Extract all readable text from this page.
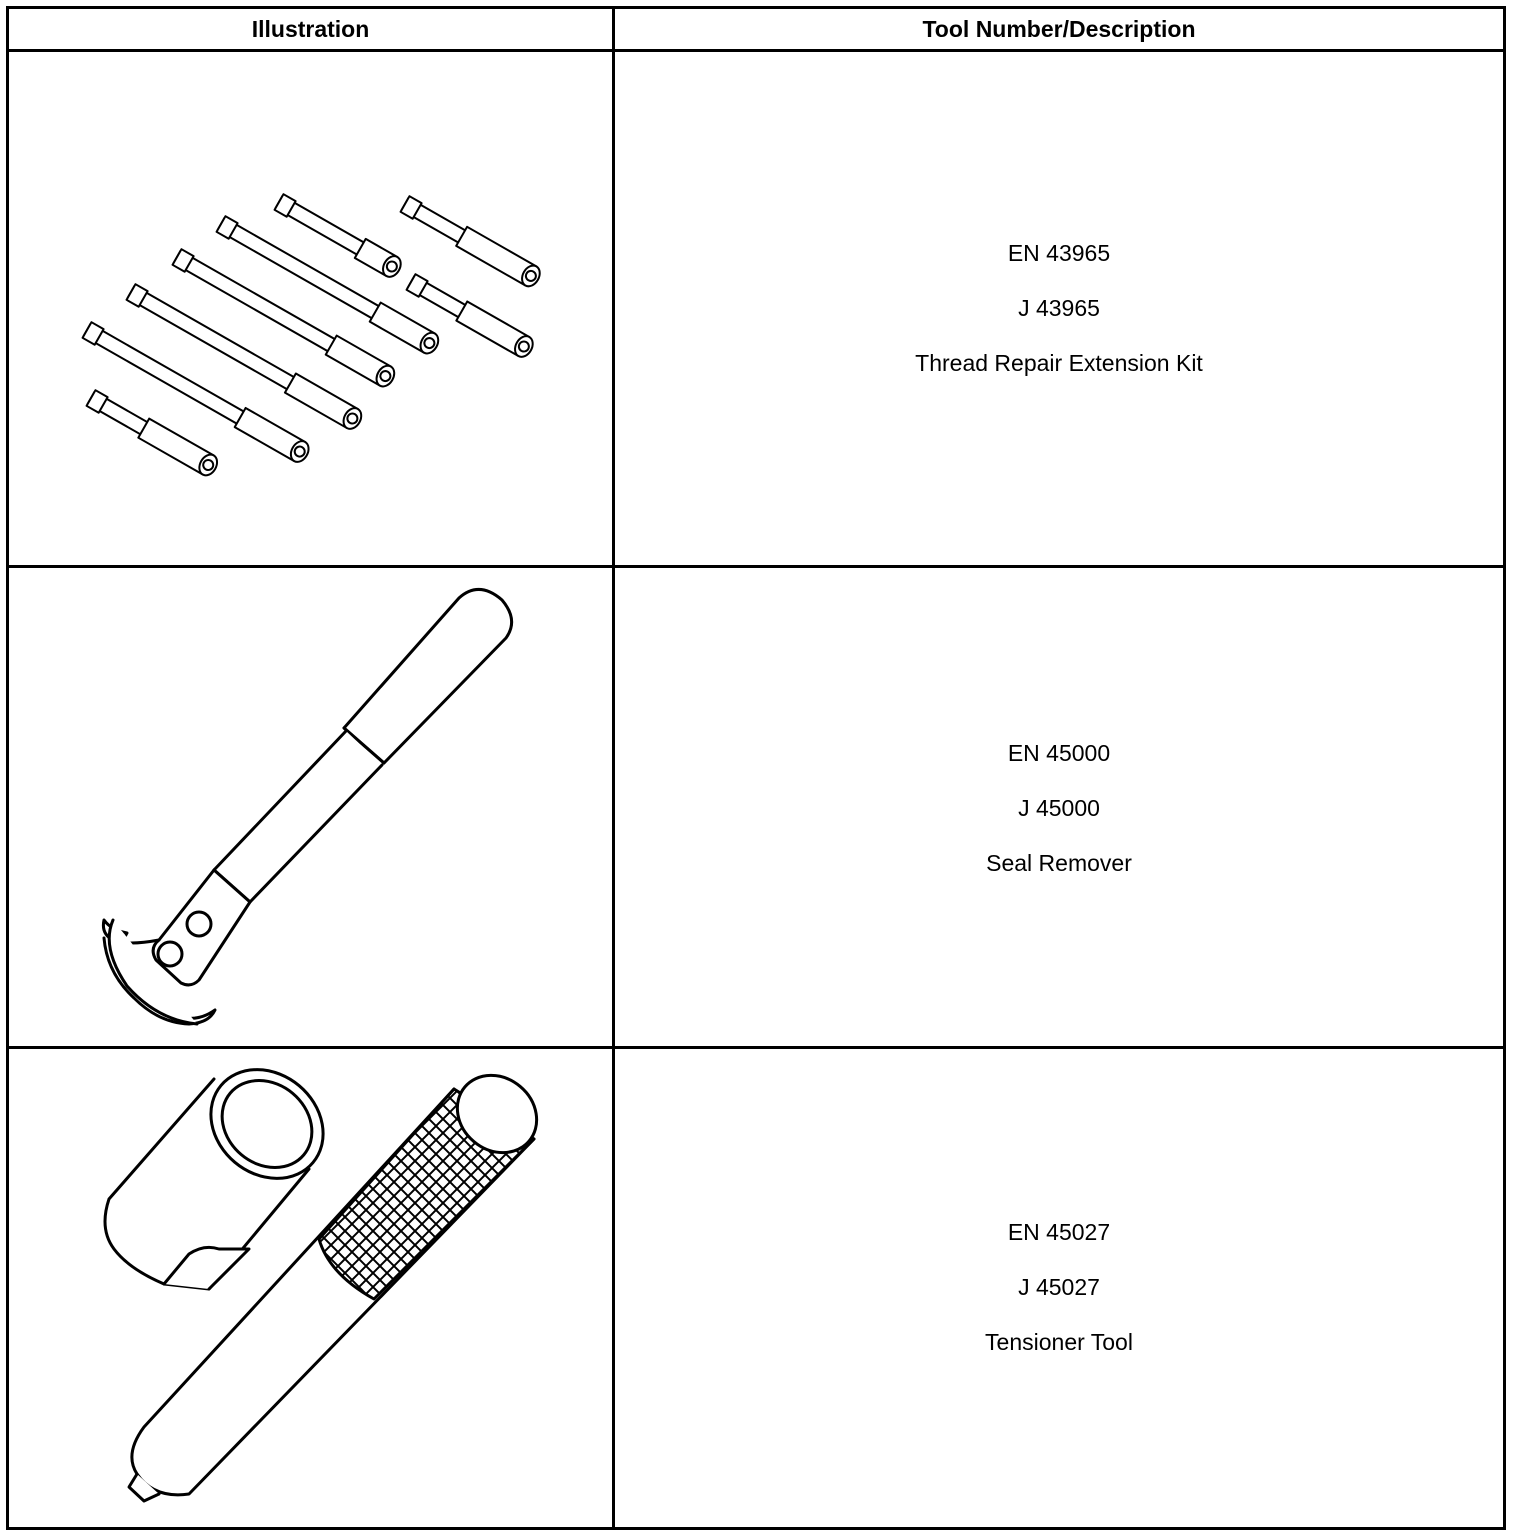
Illustration	Tool Number/Description

EN 43965
J 43965
Thread Repair Extension Kit

EN 45000
J 45000
Seal Remover

EN 45027
J 45027
Tensioner Tool
